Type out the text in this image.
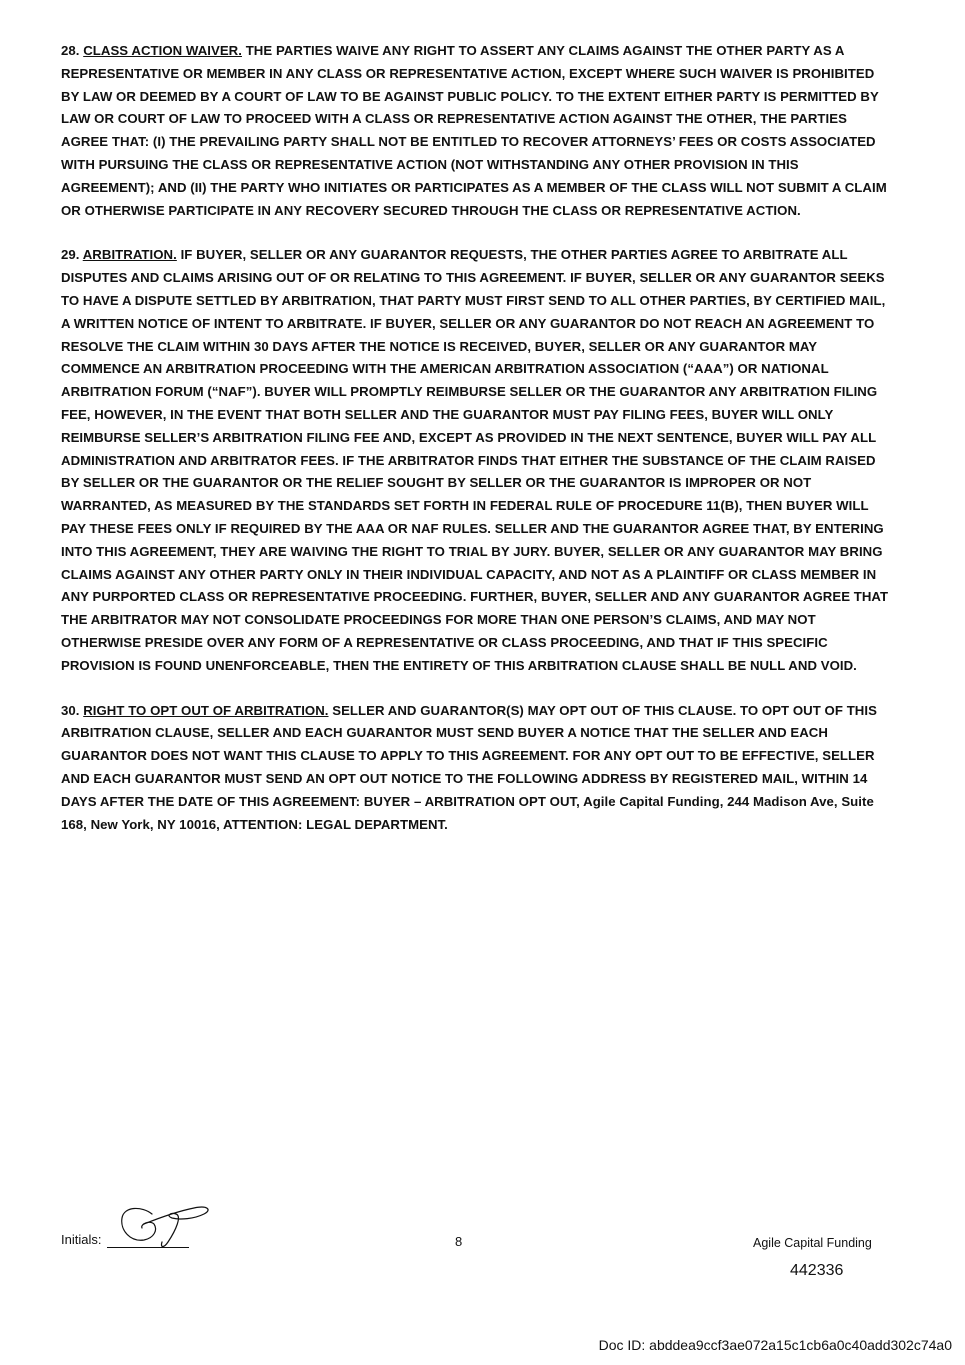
28. CLASS ACTION WAIVER. THE PARTIES WAIVE ANY RIGHT TO ASSERT ANY CLAIMS AGAINST THE OTHER PARTY AS A REPRESENTATIVE OR MEMBER IN ANY CLASS OR REPRESENTATIVE ACTION, EXCEPT WHERE SUCH WAIVER IS PROHIBITED BY LAW OR DEEMED BY A COURT OF LAW TO BE AGAINST PUBLIC POLICY. TO THE EXTENT EITHER PARTY IS PERMITTED BY LAW OR COURT OF LAW TO PROCEED WITH A CLASS OR REPRESENTATIVE ACTION AGAINST THE OTHER, THE PARTIES AGREE THAT: (I) THE PREVAILING PARTY SHALL NOT BE ENTITLED TO RECOVER ATTORNEYS’ FEES OR COSTS ASSOCIATED WITH PURSUING THE CLASS OR REPRESENTATIVE ACTION (NOT WITHSTANDING ANY OTHER PROVISION IN THIS AGREEMENT); AND (II) THE PARTY WHO INITIATES OR PARTICIPATES AS A MEMBER OF THE CLASS WILL NOT SUBMIT A CLAIM OR OTHERWISE PARTICIPATE IN ANY RECOVERY SECURED THROUGH THE CLASS OR REPRESENTATIVE ACTION.

29. ARBITRATION. IF BUYER, SELLER OR ANY GUARANTOR REQUESTS, THE OTHER PARTIES AGREE TO ARBITRATE ALL DISPUTES AND CLAIMS ARISING OUT OF OR RELATING TO THIS AGREEMENT. IF BUYER, SELLER OR ANY GUARANTOR SEEKS TO HAVE A DISPUTE SETTLED BY ARBITRATION, THAT PARTY MUST FIRST SEND TO ALL OTHER PARTIES, BY CERTIFIED MAIL, A WRITTEN NOTICE OF INTENT TO ARBITRATE. IF BUYER, SELLER OR ANY GUARANTOR DO NOT REACH AN AGREEMENT TO RESOLVE THE CLAIM WITHIN 30 DAYS AFTER THE NOTICE IS RECEIVED, BUYER, SELLER OR ANY GUARANTOR MAY COMMENCE AN ARBITRATION PROCEEDING WITH THE AMERICAN ARBITRATION ASSOCIATION (“AAA”) OR NATIONAL ARBITRATION FORUM (“NAF”). BUYER WILL PROMPTLY REIMBURSE SELLER OR THE GUARANTOR ANY ARBITRATION FILING FEE, HOWEVER, IN THE EVENT THAT BOTH SELLER AND THE GUARANTOR MUST PAY FILING FEES, BUYER WILL ONLY REIMBURSE SELLER’S ARBITRATION FILING FEE AND, EXCEPT AS PROVIDED IN THE NEXT SENTENCE, BUYER WILL PAY ALL ADMINISTRATION AND ARBITRATOR FEES. IF THE ARBITRATOR FINDS THAT EITHER THE SUBSTANCE OF THE CLAIM RAISED BY SELLER OR THE GUARANTOR OR THE RELIEF SOUGHT BY SELLER OR THE GUARANTOR IS IMPROPER OR NOT WARRANTED, AS MEASURED BY THE STANDARDS SET FORTH IN FEDERAL RULE OF PROCEDURE 11(B), THEN BUYER WILL PAY THESE FEES ONLY IF REQUIRED BY THE AAA OR NAF RULES. SELLER AND THE GUARANTOR AGREE THAT, BY ENTERING INTO THIS AGREEMENT, THEY ARE WAIVING THE RIGHT TO TRIAL BY JURY. BUYER, SELLER OR ANY GUARANTOR MAY BRING CLAIMS AGAINST ANY OTHER PARTY ONLY IN THEIR INDIVIDUAL CAPACITY, AND NOT AS A PLAINTIFF OR CLASS MEMBER IN ANY PURPORTED CLASS OR REPRESENTATIVE PROCEEDING. FURTHER, BUYER, SELLER AND ANY GUARANTOR AGREE THAT THE ARBITRATOR MAY NOT CONSOLIDATE PROCEEDINGS FOR MORE THAN ONE PERSON’S CLAIMS, AND MAY NOT OTHERWISE PRESIDE OVER ANY FORM OF A REPRESENTATIVE OR CLASS PROCEEDING, AND THAT IF THIS SPECIFIC PROVISION IS FOUND UNENFORCEABLE, THEN THE ENTIRETY OF THIS ARBITRATION CLAUSE SHALL BE NULL AND VOID.

30. RIGHT TO OPT OUT OF ARBITRATION. SELLER AND GUARANTOR(S) MAY OPT OUT OF THIS CLAUSE. TO OPT OUT OF THIS ARBITRATION CLAUSE, SELLER AND EACH GUARANTOR MUST SEND BUYER A NOTICE THAT THE SELLER AND EACH GUARANTOR DOES NOT WANT THIS CLAUSE TO APPLY TO THIS AGREEMENT. FOR ANY OPT OUT TO BE EFFECTIVE, SELLER AND EACH GUARANTOR MUST SEND AN OPT OUT NOTICE TO THE FOLLOWING ADDRESS BY REGISTERED MAIL, WITHIN 14 DAYS AFTER THE DATE OF THIS AGREEMENT: BUYER – ARBITRATION OPT OUT, Agile Capital Funding, 244 Madison Ave, Suite 168, New York, NY 10016, ATTENTION: LEGAL DEPARTMENT.

Initials:	8	Agile Capital Funding
442336
Doc ID: abddea9ccf3ae072a15c1cb6a0c40add302c74a0
